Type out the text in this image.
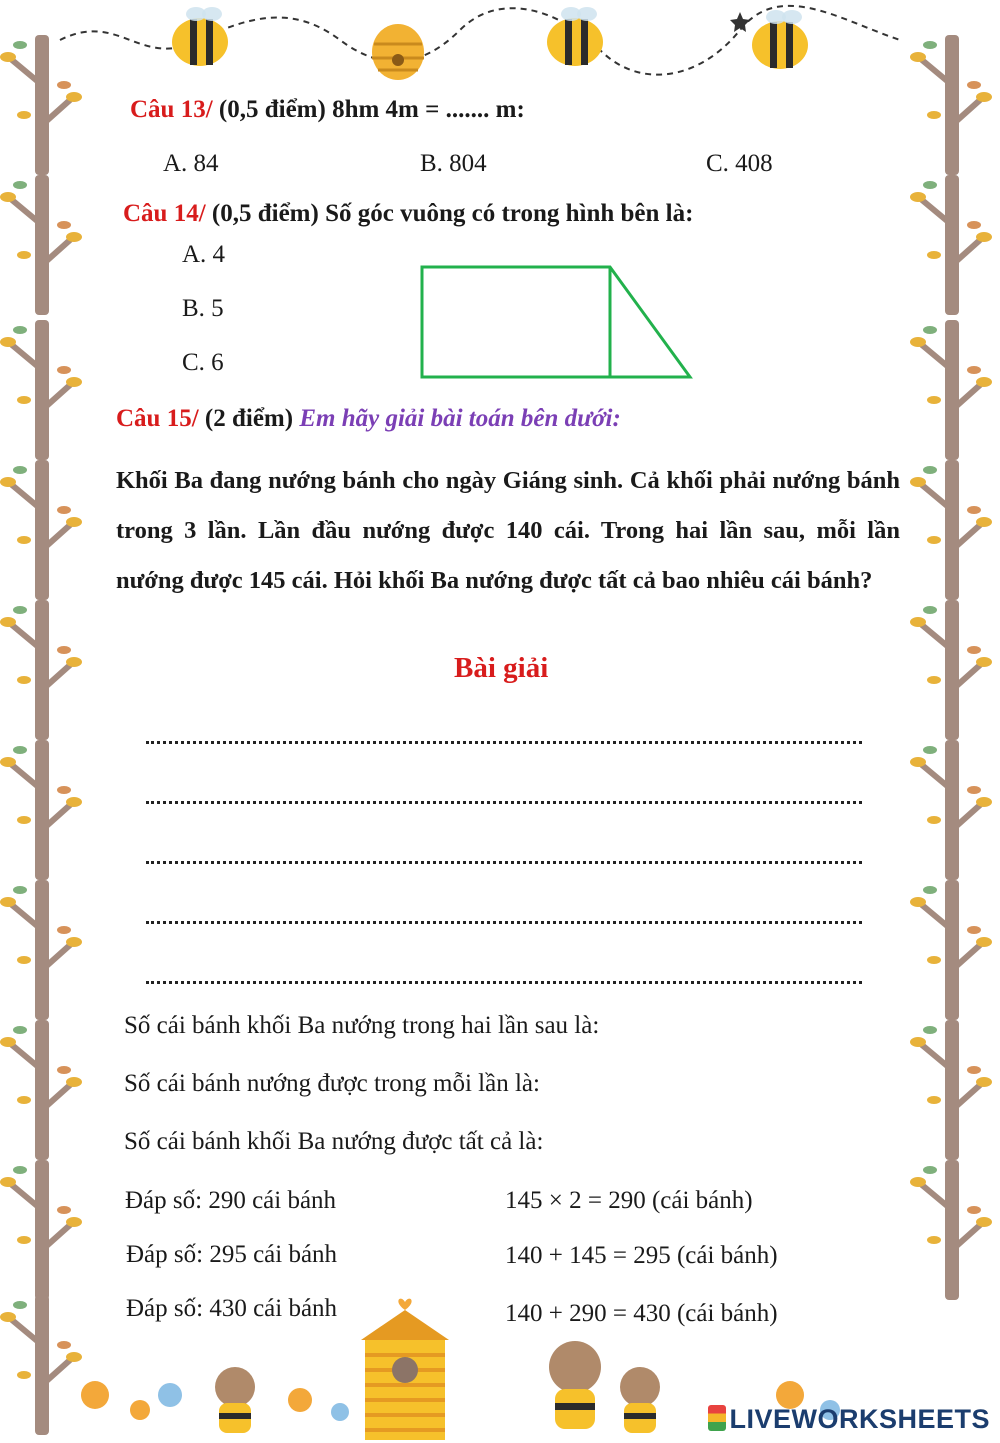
Câu 13/ (0,5 điểm) 8hm 4m = ....... m:
A. 84	B. 804	C. 408
Câu 14/ (0,5 điểm) Số góc vuông có trong hình bên là:
A. 4
B. 5
C. 6
Câu 15/ (2 điểm) Em hãy giải bài toán bên dưới:
Khối Ba đang nướng bánh cho ngày Giáng sinh. Cả khối phải nướng bánh trong 3 lần. Lần đầu nướng được 140 cái. Trong hai lần sau, mỗi lần nướng được 145 cái. Hỏi khối Ba nướng được tất cả bao nhiêu cái bánh?
Bài giải
Số cái bánh khối Ba nướng trong hai lần sau là:
Số cái bánh nướng được trong mỗi lần là:
Số cái bánh khối Ba nướng được tất cả là:
Đáp số: 290 cái bánh
Đáp số: 295 cái bánh
Đáp số: 430 cái bánh
145 × 2 = 290 (cái bánh)
140 + 145 = 295 (cái bánh)
140 + 290 = 430 (cái bánh)
LIVEWORKSHEETS
